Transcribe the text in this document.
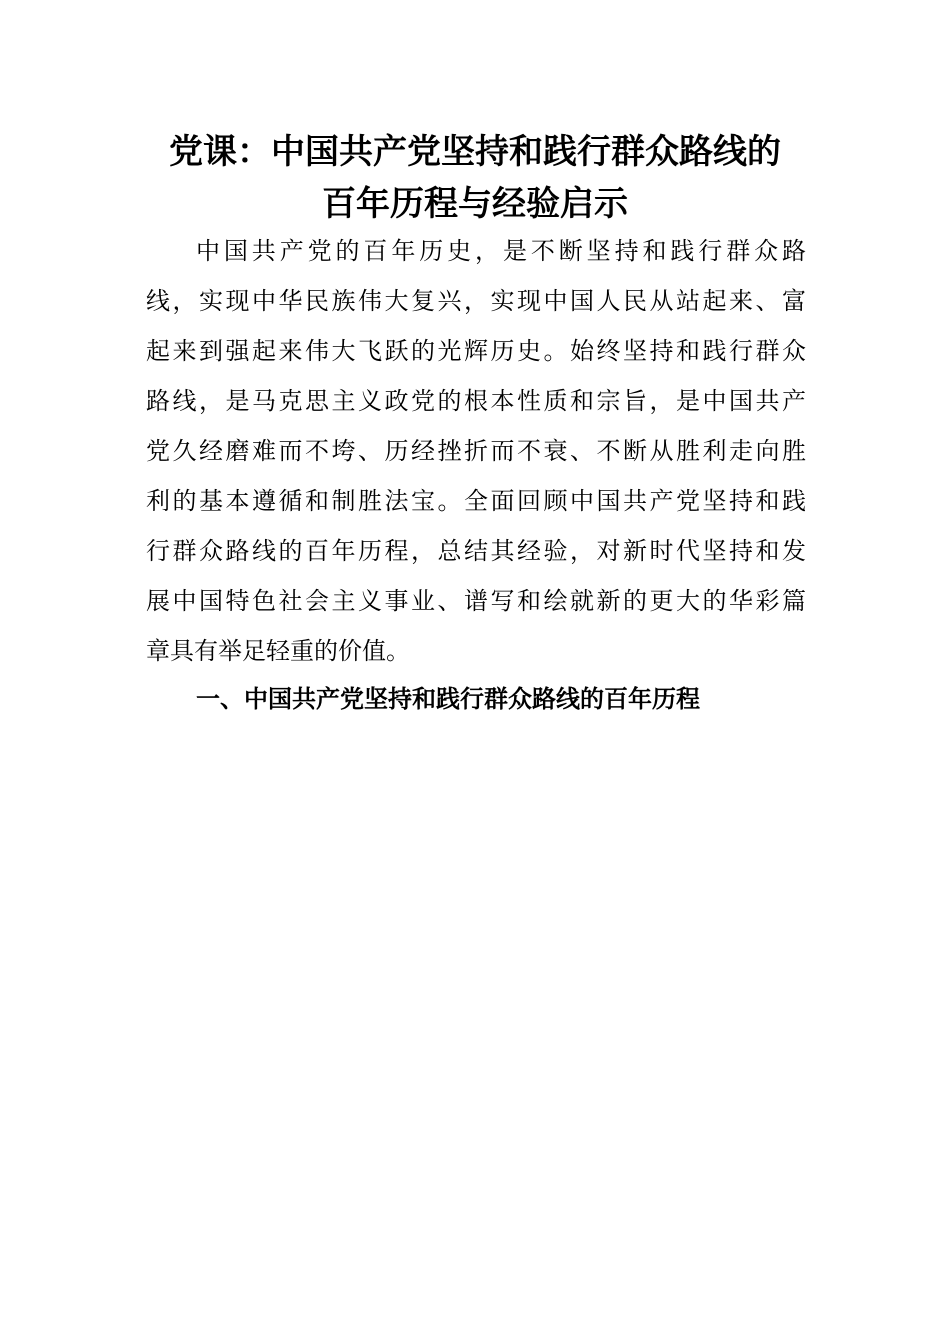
党课：中国共产党坚持和践行群众路线的
百年历程与经验启示

中国共产党的百年历史，是不断坚持和践行群众路

线，实现中华民族伟大复兴，实现中国人民从站起来、富

起来到强起来伟大飞跃的光辉历史。始终坚持和践行群众

路线，是马克思主义政党的根本性质和宗旨，是中国共产

党久经磨难而不垮、历经挫折而不衰、不断从胜利走向胜

利的基本遵循和制胜法宝。全面回顾中国共产党坚持和践

行群众路线的百年历程，总结其经验，对新时代坚持和发

展中国特色社会主义事业、谱写和绘就新的更大的华彩篇

章具有举足轻重的价值。

一、中国共产党坚持和践行群众路线的百年历程
